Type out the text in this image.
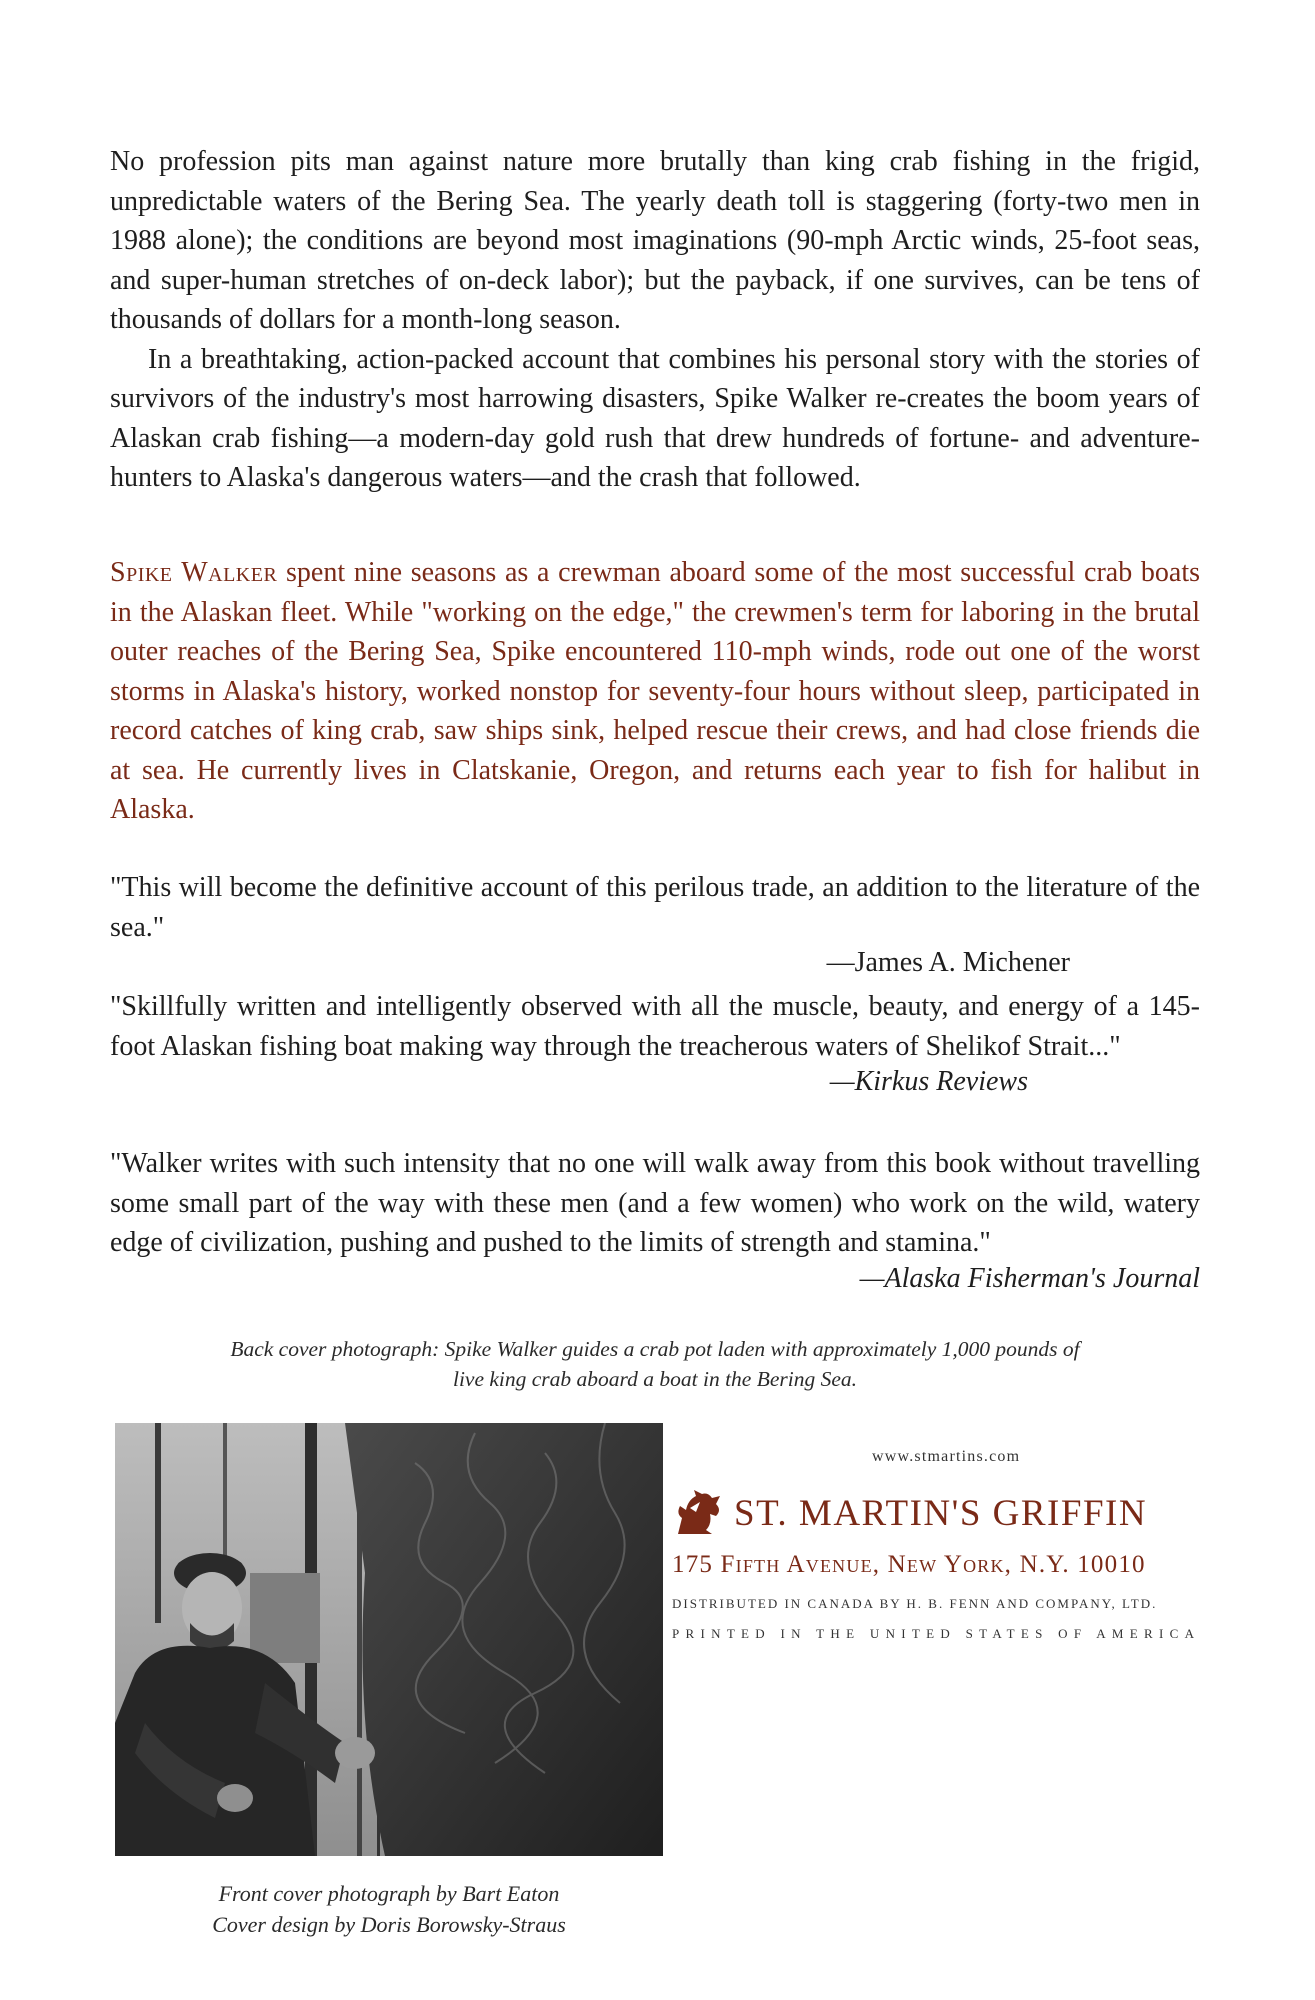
No profession pits man against nature more brutally than king crab fishing in the frigid, unpredictable waters of the Bering Sea. The yearly death toll is staggering (forty-two men in 1988 alone); the conditions are beyond most imaginations (90-mph Arctic winds, 25-foot seas, and super-human stretches of on-deck labor); but the payback, if one survives, can be tens of thousands of dollars for a month-long season.

In a breathtaking, action-packed account that combines his personal story with the stories of survivors of the industry's most harrowing disasters, Spike Walker re-creates the boom years of Alaskan crab fishing—a modern-day gold rush that drew hundreds of fortune- and adventure-hunters to Alaska's dangerous waters—and the crash that followed.

Spike Walker spent nine seasons as a crewman aboard some of the most successful crab boats in the Alaskan fleet. While "working on the edge," the crewmen's term for laboring in the brutal outer reaches of the Bering Sea, Spike encountered 110-mph winds, rode out one of the worst storms in Alaska's history, worked nonstop for seventy-four hours without sleep, participated in record catches of king crab, saw ships sink, helped rescue their crews, and had close friends die at sea. He currently lives in Clatskanie, Oregon, and returns each year to fish for halibut in Alaska.

"This will become the definitive account of this perilous trade, an addition to the literature of the sea."

—James A. Michener

"Skillfully written and intelligently observed with all the muscle, beauty, and energy of a 145-foot Alaskan fishing boat making way through the treacherous waters of Shelikof Strait..."

—Kirkus Reviews

"Walker writes with such intensity that no one will walk away from this book without travelling some small part of the way with these men (and a few women) who work on the wild, watery edge of civilization, pushing and pushed to the limits of strength and stamina."

—Alaska Fisherman's Journal

Back cover photograph: Spike Walker guides a crab pot laden with approximately 1,000 pounds of
live king crab aboard a boat in the Bering Sea.
Front cover photograph by Bart Eaton
Cover design by Doris Borowsky-Straus
www.stmartins.com
ST. MARTIN'S GRIFFIN
175 Fifth Avenue, New York, N.Y. 10010
DISTRIBUTED IN CANADA BY H. B. FENN AND COMPANY, LTD.
PRINTED IN THE UNITED STATES OF AMERICA
